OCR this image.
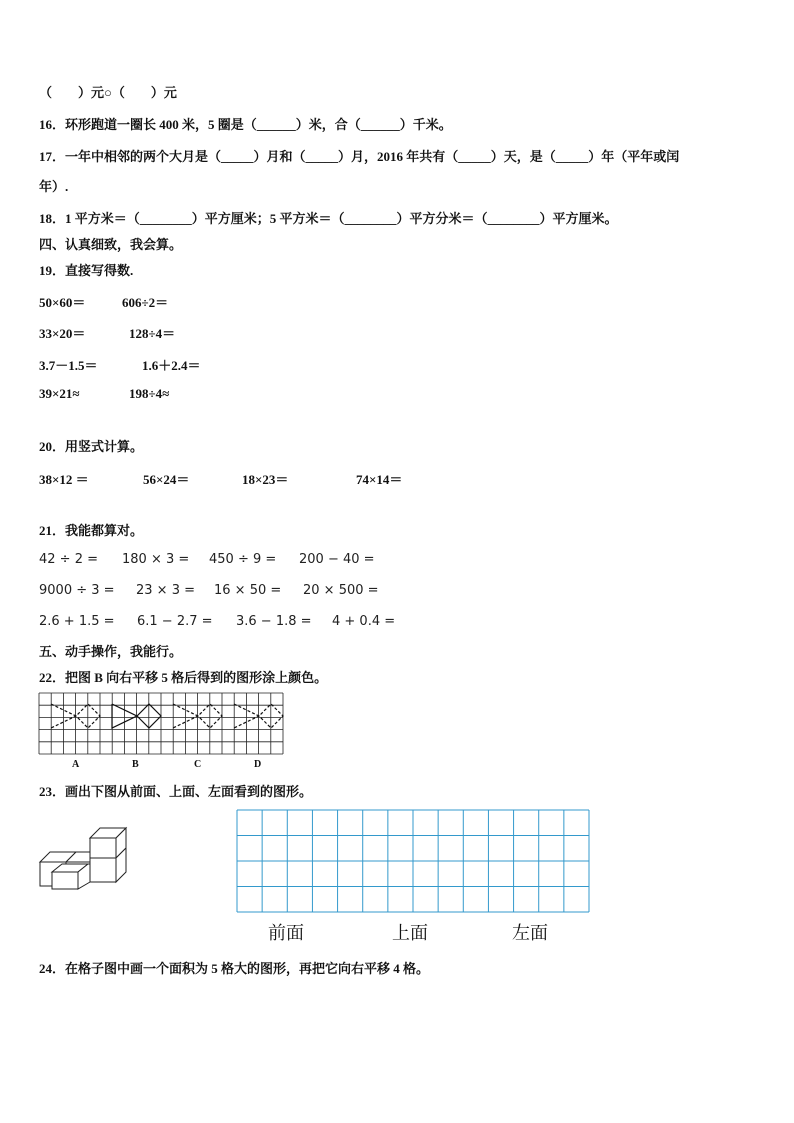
（　　）元○（　　）元
16．环形跑道一圈长 400 米，5 圈是（______）米，合（______）千米。
17．一年中相邻的两个大月是（_____）月和（_____）月，2016 年共有（_____）天，是（_____）年（平年或闰
年）.
18．1 平方米＝（________）平方厘米；5 平方米＝（________）平方分米＝（________）平方厘米。
四、认真细致，我会算。
19．直接写得数.
50×60＝	606÷2＝
33×20＝	128÷4＝
3.7－1.5＝	1.6＋2.4＝
39×21≈	198÷4≈
20．用竖式计算。
38×12 ＝	56×24＝	18×23＝	74×14＝
21．我能都算对。
42 ÷ 2 = 180 × 3 = 450 ÷ 9 = 200 − 40 =
9000 ÷ 3 = 23 × 3 = 16 × 50 = 20 × 500 =
2.6 + 1.5 = 6.1 − 2.7 = 3.6 − 1.8 = 4 + 0.4 =
五、动手操作，我能行。
22．把图 B 向右平移 5 格后得到的图形涂上颜色。
A	B	C	D
23．画出下图从前面、上面、左面看到的图形。
前面	上面	左面
24．在格子图中画一个面积为 5 格大的图形，再把它向右平移 4 格。
